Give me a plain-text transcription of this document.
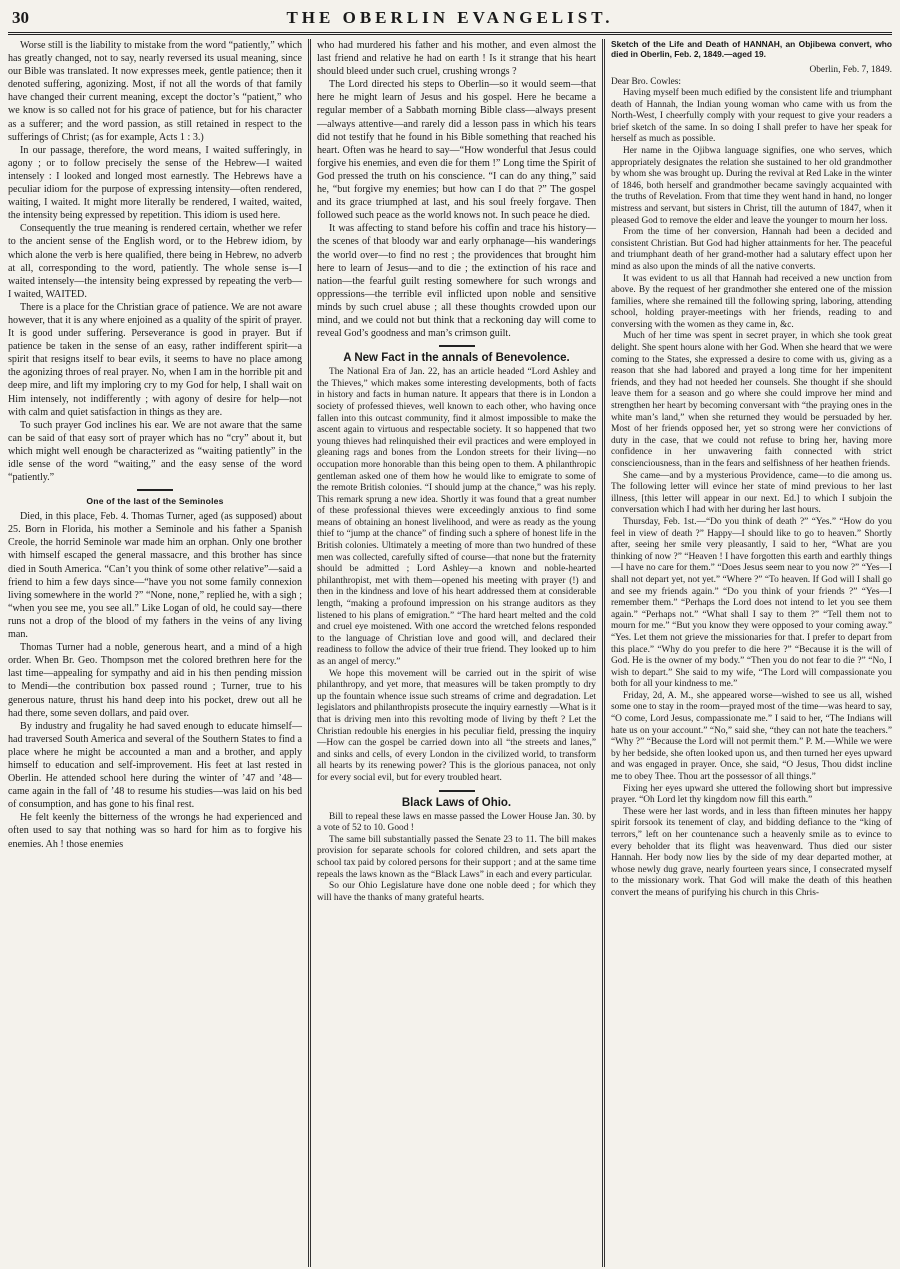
30	THE OBERLIN EVANGELIST.

Worse still is the liability to mistake from the word “patiently,” which has greatly changed, not to say, nearly reversed its usual meaning, since our Bible was translated. It now expresses meek, gentle patience; then it denoted suffering, agonizing. Most, if not all the words of that family have changed their current meaning, except the doctor’s “patient,” who we know is so called not for his grace of patience, but for his character as a sufferer; and the word passion, as still retained in respect to the sufferings of Christ; (as for example, Acts 1 : 3.)

In our passage, therefore, the word means, I waited sufferingly, in agony ; or to follow precisely the sense of the Hebrew—I waited intensely : I looked and longed most earnestly. The Hebrews have a peculiar idiom for the purpose of expressing intensity—often rendered, waiting, I waited. It might more literally be rendered, I waited, waited, the intensity being expressed by repetition. This idiom is used here.

Consequently the true meaning is rendered certain, whether we refer to the ancient sense of the English word, or to the Hebrew idiom, by which alone the verb is here qualified, there being in Hebrew, no adverb at all, corresponding to the word, patiently. The whole sense is—I waited intensely—the intensity being expressed by repeating the verb—I waited, WAITED.

There is a place for the Christian grace of patience. We are not aware however, that it is any where enjoined as a quality of the spirit of prayer. It is good under suffering. Perseverance is good in prayer. But if patience be taken in the sense of an easy, rather indifferent spirit—a spirit that resigns itself to bear evils, it seems to have no place among the agonizing throes of real prayer. No, when I am in the horrible pit and deep mire, and lift my imploring cry to my God for help, I shall wait on Him intensely, not indifferently ; with agony of desire for help—not with calm and quiet satisfaction in things as they are.

To such prayer God inclines his ear. We are not aware that the same can be said of that easy sort of prayer which has no “cry” about it, but which might well enough be characterized as “waiting patiently” in the idle sense of the word “waiting,” and the easy sense of the word “patiently.”

One of the last of the Seminoles

Died, in this place, Feb. 4. Thomas Turner, aged (as supposed) about 25. Born in Florida, his mother a Seminole and his father a Spanish Creole, the horrid Seminole war made him an orphan. Only one brother with himself escaped the general massacre, and this brother has since died in South America. “Can’t you think of some other relative”—said a friend to him a few days since—“have you not some family connexion living somewhere in the world ?” “None, none,” replied he, with a sigh ; “when you see me, you see all.” Like Logan of old, he could say—there runs not a drop of the blood of my fathers in the veins of any living man.

Thomas Turner had a noble, generous heart, and a mind of a high order. When Br. Geo. Thompson met the colored brethren here for the last time—appealing for sympathy and aid in his then pending mission to Mendi—the contribution box passed round ; Turner, true to his generous nature, thrust his hand deep into his pocket, drew out all he had there, some seven dollars, and paid over.

By industry and frugality he had saved enough to educate himself—had traversed South America and several of the Southern States to find a place where he might be accounted a man and a brother, and apply himself to education and self-improvement. His feet at last rested in Oberlin. He attended school here during the winter of ’47 and ’48—came again in the fall of ’48 to resume his studies—was laid on his bed of consumption, and has gone to his final rest.

He felt keenly the bitterness of the wrongs he had experienced and often used to say that nothing was so hard for him as to forgive his enemies. Ah ! those enemies

who had murdered his father and his mother, and even almost the last friend and relative he had on earth ! Is it strange that his heart should bleed under such cruel, crushing wrongs ?

The Lord directed his steps to Oberlin—so it would seem—that here he might learn of Jesus and his gospel. Here he became a regular member of a Sabbath morning Bible class—always present—always attentive—and rarely did a lesson pass in which his tears did not testify that he found in his Bible something that reached his heart. Often was he heard to say—“How wonderful that Jesus could forgive his enemies, and even die for them !” Long time the Spirit of God pressed the truth on his conscience. “I can do any thing,” said he, “but forgive my enemies; but how can I do that ?” The gospel and its grace triumphed at last, and his soul freely forgave. Then followed such peace as the world knows not. In such peace he died.

It was affecting to stand before his coffin and trace his history—the scenes of that bloody war and early orphanage—his wanderings the world over—to find no rest ; the providences that brought him here to learn of Jesus—and to die ; the extinction of his race and nation—the fearful guilt resting somewhere for such wrongs and oppressions—the terrible evil inflicted upon noble and sensitive minds by such cruel abuse ; all these thoughts crowded upon our mind, and we could not but think that a reckoning day will come to reveal God’s goodness and man’s crimson guilt.

A New Fact in the annals of Benevolence.

The National Era of Jan. 22, has an article headed “Lord Ashley and the Thieves,” which makes some interesting developments, both of facts in history and facts in human nature. It appears that there is in London a society of professed thieves, well known to each other, who having once fallen into this outcast community, find it almost impossible to make the ascent again to virtuous and respectable society. It so happened that two young thieves had relinquished their evil practices and were employed in gleaning rags and bones from the London streets for their living—no occupation more honorable than this being open to them. A philanthropic gentleman asked one of them how he would like to emigrate to some of the remote British colonies. “I should jump at the chance,” was his reply. This remark sprung a new idea. Shortly it was found that a great number of these professional thieves were exceedingly anxious to find some means of obtaining an honest livelihood, and were as ready as the young thief to “jump at the chance” of finding such a sphere of honest life in the British colonies. Ultimately a meeting of more than two hundred of these men was collected, carefully sifted of course—that none but the fraternity should be admitted ; Lord Ashley—a known and noble-hearted philanthropist, met with them—opened his meeting with prayer (!) and then in the kindness and love of his heart addressed them at considerable length, “making a profound impression on his strange auditors as they listened to his plans of emigration.” “The hard heart melted and the cold and cruel eye moistened. With one accord the wretched felons responded to the language of Christian love and good will, and declared their readiness to follow the advice of their true friend. They looked up to him as an angel of mercy.”

We hope this movement will be carried out in the spirit of wise philanthropy, and yet more, that measures will be taken promptly to dry up the fountain whence issue such streams of crime and degradation. Let legislators and philanthropists prosecute the inquiry earnestly —What is it that is driving men into this revolting mode of living by theft ? Let the Christian redouble his energies in his peculiar field, pressing the inquiry—How can the gospel be carried down into all “the streets and lanes,” and sinks and cells, of every London in the civilized world, to transform all hearts by its renewing power? This is the glorious panacea, not only for every social evil, but for every troubled heart.

Black Laws of Ohio.

Bill to repeal these laws en masse passed the Lower House Jan. 30. by a vote of 52 to 10. Good !

The same bill substantially passed the Senate 23 to 11. The bill makes provision for separate schools for colored children, and sets apart the school tax paid by colored persons for their support ; and at the same time repeals the laws known as the “Black Laws” in each and every particular.

So our Ohio Legislature have done one noble deed ; for which they will have the thanks of many grateful hearts.

Sketch of the Life and Death of HANNAH, an Objibewa convert, who died in Oberlin, Feb. 2, 1849.—aged 19.
Oberlin, Feb. 7, 1849.
Dear Bro. Cowles:

Having myself been much edified by the consistent life and triumphant death of Hannah, the Indian young woman who came with us from the North-West, I cheerfully comply with your request to give your readers a brief sketch of the same. In so doing I shall prefer to have her speak for herself as much as possible.

Her name in the Ojibwa language signifies, one who serves, which appropriately designates the relation she sustained to her old grandmother by whom she was brought up. During the revival at Red Lake in the winter of 1846, both herself and grandmother became savingly acquainted with the truths of Revelation. From that time they went hand in hand, no longer mistress and servant, but sisters in Christ, till the autumn of 1847, when it pleased God to remove the elder and leave the younger to mourn her loss.

From the time of her conversion, Hannah had been a decided and consistent Christian. But God had higher attainments for her. The peaceful and triumphant death of her grand-mother had a salutary effect upon her mind as also upon the minds of all the native converts.

It was evident to us all that Hannah had received a new unction from above. By the request of her grandmother she entered one of the mission families, where she remained till the following spring, laboring, attending school, holding prayer-meetings with her friends, reading to and conversing with the women as they came in, &c.

Much of her time was spent in secret prayer, in which she took great delight. She spent hours alone with her God. When she heard that we were coming to the States, she expressed a desire to come with us, giving as a reason that she had labored and prayed a long time for her impenitent friends, and they had not heeded her counsels. She thought if she should leave them for a season and go where she could improve her mind and strengthen her heart by becoming conversant with “the praying ones in the white man’s land,” when she returned they would be persuaded by her. Most of her friends opposed her, yet so strong were her convictions of duty in the case, that we could not refuse to bring her, having more confidence in her unwavering faith connected with strict conscienciousness, than in the fears and selfishness of her heathen friends.

She came—and by a mysterious Providence, came—to die among us. The following letter will evince her state of mind previous to her last illness, [this letter will appear in our next. Ed.] to which I subjoin the conversation which I had with her during her last hours.

Thursday, Feb. 1st.—“Do you think of death ?” “Yes.” “How do you feel in view of death ?” Happy—I should like to go to heaven.” Shortly after, seeing her smile very pleasantly, I said to her, “What are you thinking of now ?” “Heaven ! I have forgotten this earth and earthly things—I have no care for them.” “Does Jesus seem near to you now ?” “Yes—I shall not depart yet, not yet.” “Where ?” “To heaven. If God will I shall go and see my friends again.” “Do you think of your friends ?” “Yes—I remember them.” “Perhaps the Lord does not intend to let you see them again.” “Perhaps not.” “What shall I say to them ?” “Tell them not to mourn for me.” “But you know they were opposed to your coming away.” “Yes. Let them not grieve the missionaries for that. I prefer to depart from this place.” “Why do you prefer to die here ?” “Because it is the will of God. He is the owner of my body.” “Then you do not fear to die ?” “No, I wish to depart.” She said to my wife, “The Lord will compassionate you both for all your kindness to me.”

Friday, 2d, A. M., she appeared worse—wished to see us all, wished some one to stay in the room—prayed most of the time—was heard to say, “O come, Lord Jesus, compassionate me.” I said to her, “The Indians will hate us on your account.” “No,” said she, “they can not hate the teachers.” “Why ?” “Because the Lord will not permit them.” P. M.—While we were by her bedside, she often looked upon us, and then turned her eyes upward and was engaged in prayer. Once, she said, “O Jesus, Thou didst incline me to obey Thee. Thou art the possessor of all things.”

Fixing her eyes upward she uttered the following short but impressive prayer. “Oh Lord let thy kingdom now fill this earth.”

These were her last words, and in less than fifteen minutes her happy spirit forsook its tenement of clay, and bidding defiance to the “king of terrors,” left on her countenance such a heavenly smile as to evince to every beholder that its flight was heavenward. Thus died our sister Hannah. Her body now lies by the side of my dear departed mother, at whose newly dug grave, nearly fourteen years since, I consecrated myself to the missionary work. That God will make the death of this heathen convert the means of purifying his church in this Chris-
